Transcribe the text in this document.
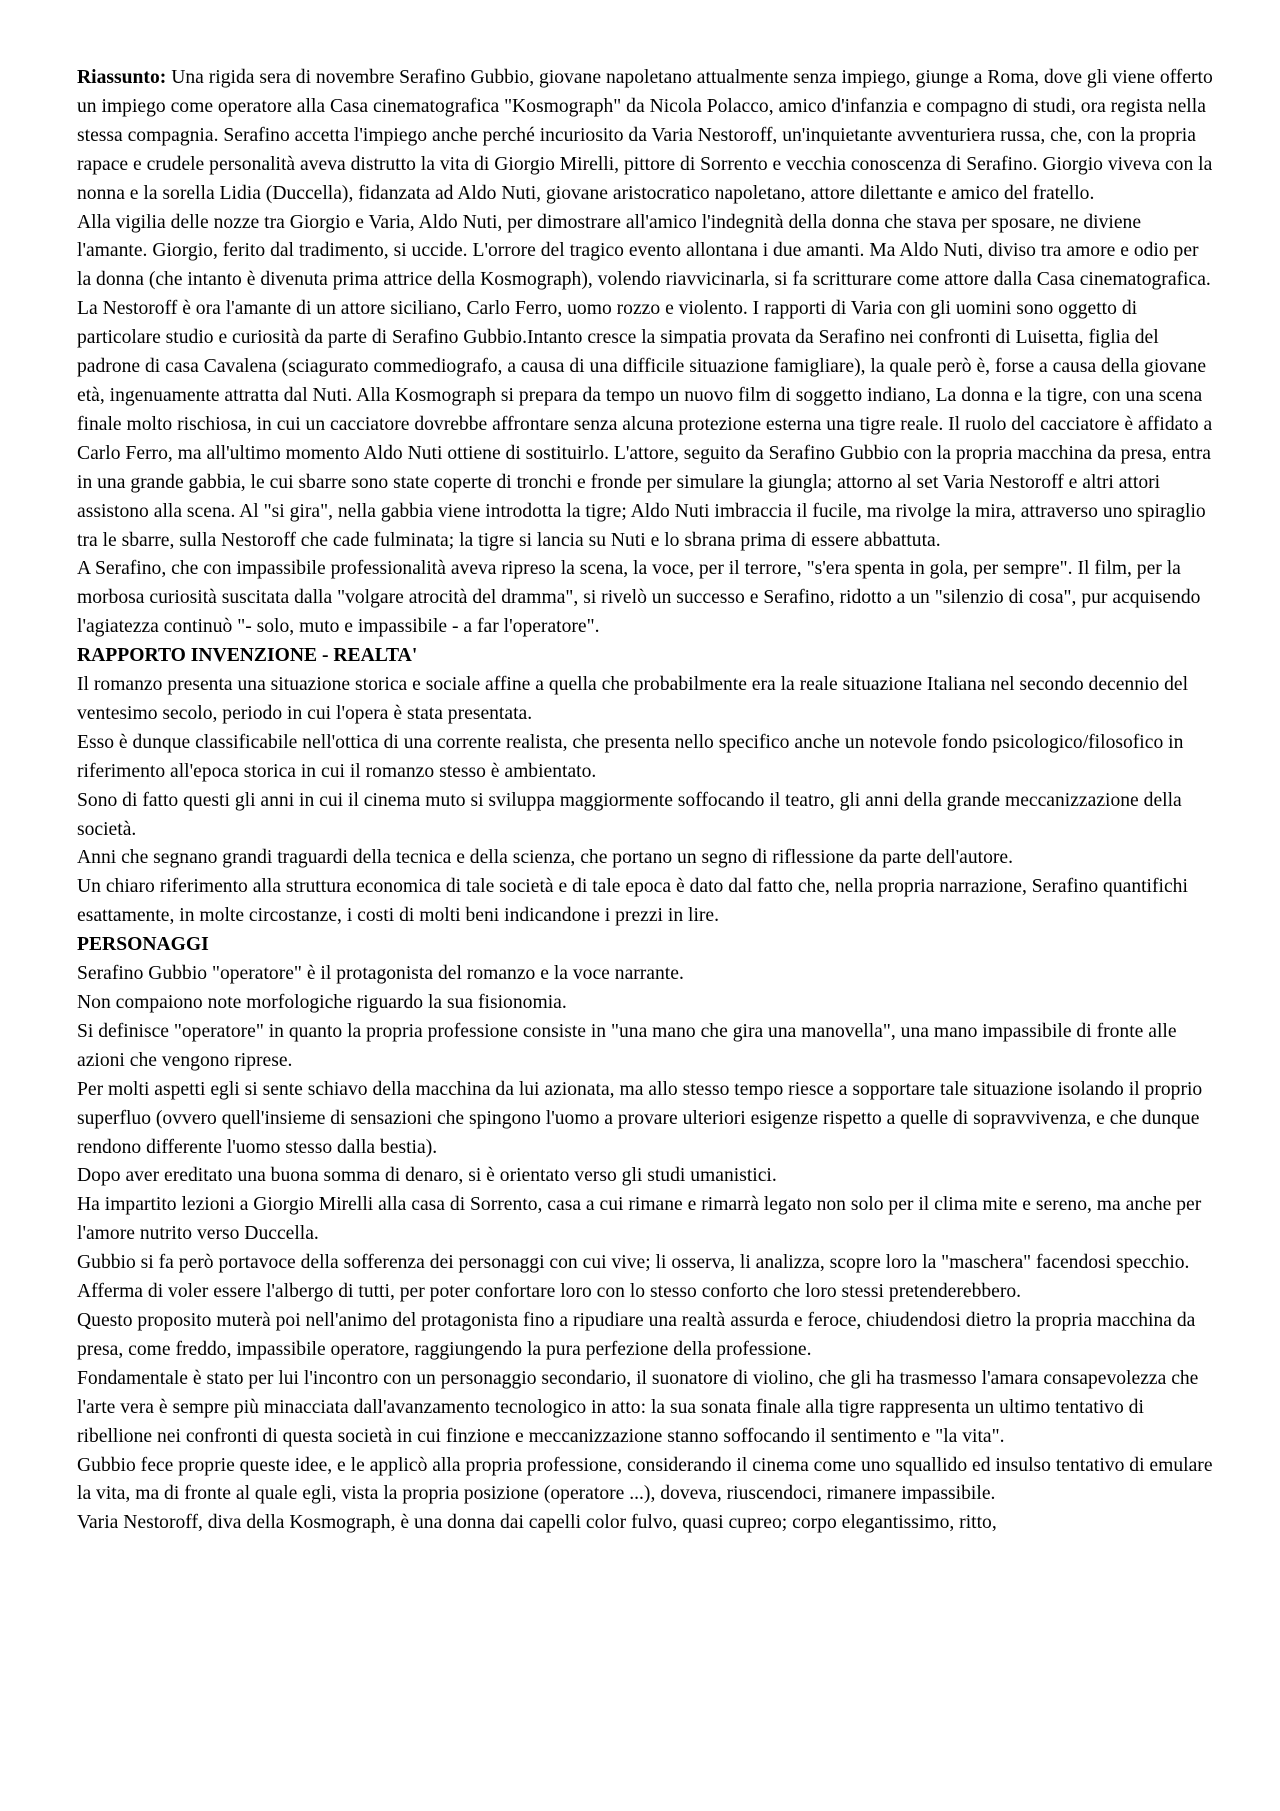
Riassunto: Una rigida sera di novembre Serafino Gubbio, giovane napoletano attualmente senza impiego, giunge a Roma, dove gli viene offerto un impiego come operatore alla Casa cinematografica "Kosmograph" da Nicola Polacco, amico d'infanzia e compagno di studi, ora regista nella stessa compagnia. Serafino accetta l'impiego anche perché incuriosito da Varia Nestoroff, un'inquietante avventuriera russa, che, con la propria rapace e crudele personalità aveva distrutto la vita di Giorgio Mirelli, pittore di Sorrento e vecchia conoscenza di Serafino. Giorgio viveva con la nonna e la sorella Lidia (Duccella), fidanzata ad Aldo Nuti, giovane aristocratico napoletano, attore dilettante e amico del fratello.

Alla vigilia delle nozze tra Giorgio e Varia, Aldo Nuti, per dimostrare all'amico l'indegnità della donna che stava per sposare, ne diviene l'amante. Giorgio, ferito dal tradimento, si uccide. L'orrore del tragico evento allontana i due amanti. Ma Aldo Nuti, diviso tra amore e odio per la donna (che intanto è divenuta prima attrice della Kosmograph), volendo riavvicinarla, si fa scritturare come attore dalla Casa cinematografica. La Nestoroff è ora l'amante di un attore siciliano, Carlo Ferro, uomo rozzo e violento. I rapporti di Varia con gli uomini sono oggetto di particolare studio e curiosità da parte di Serafino Gubbio.Intanto cresce la simpatia provata da Serafino nei confronti di Luisetta, figlia del padrone di casa Cavalena (sciagurato commediografo, a causa di una difficile situazione famigliare), la quale però è, forse a causa della giovane età, ingenuamente attratta dal Nuti. Alla Kosmograph si prepara da tempo un nuovo film di soggetto indiano, La donna e la tigre, con una scena finale molto rischiosa, in cui un cacciatore dovrebbe affrontare senza alcuna protezione esterna una tigre reale. Il ruolo del cacciatore è affidato a Carlo Ferro, ma all'ultimo momento Aldo Nuti ottiene di sostituirlo. L'attore, seguito da Serafino Gubbio con la propria macchina da presa, entra in una grande gabbia, le cui sbarre sono state coperte di tronchi e fronde per simulare la giungla; attorno al set Varia Nestoroff e altri attori assistono alla scena. Al "si gira", nella gabbia viene introdotta la tigre; Aldo Nuti imbraccia il fucile, ma rivolge la mira, attraverso uno spiraglio tra le sbarre, sulla Nestoroff che cade fulminata; la tigre si lancia su Nuti e lo sbrana prima di essere abbattuta.

A Serafino, che con impassibile professionalità aveva ripreso la scena, la voce, per il terrore, "s'era spenta in gola, per sempre". Il film, per la morbosa curiosità suscitata dalla "volgare atrocità del dramma", si rivelò un successo e Serafino, ridotto a un "silenzio di cosa", pur acquisendo l'agiatezza continuò "- solo, muto e impassibile - a far l'operatore".

RAPPORTO INVENZIONE - REALTA'

Il romanzo presenta una situazione storica e sociale affine a quella che probabilmente era la reale situazione Italiana nel secondo decennio del ventesimo secolo, periodo in cui l'opera è stata presentata.

Esso è dunque classificabile nell'ottica di una corrente realista, che presenta nello specifico anche un notevole fondo psicologico/filosofico in riferimento all'epoca storica in cui il romanzo stesso è ambientato.

Sono di fatto questi gli anni in cui il cinema muto si sviluppa maggiormente soffocando il teatro, gli anni della grande meccanizzazione della società.

Anni che segnano grandi traguardi della tecnica e della scienza, che portano un segno di riflessione da parte dell'autore.

Un chiaro riferimento alla struttura economica di tale società e di tale epoca è dato dal fatto che, nella propria narrazione, Serafino quantifichi esattamente, in molte circostanze, i costi di molti beni indicandone i prezzi in lire.

PERSONAGGI

Serafino Gubbio "operatore" è il protagonista del romanzo e la voce narrante.

Non compaiono note morfologiche riguardo la sua fisionomia.

Si definisce "operatore" in quanto la propria professione consiste in "una mano che gira una manovella", una mano impassibile di fronte alle azioni che vengono riprese.

Per molti aspetti egli si sente schiavo della macchina da lui azionata, ma allo stesso tempo riesce a sopportare tale situazione isolando il proprio superfluo (ovvero quell'insieme di sensazioni che spingono l'uomo a provare ulteriori esigenze rispetto a quelle di sopravvivenza, e che dunque rendono differente l'uomo stesso dalla bestia).

Dopo aver ereditato una buona somma di denaro, si è orientato verso gli studi umanistici.

Ha impartito lezioni a Giorgio Mirelli alla casa di Sorrento, casa a cui rimane e rimarrà legato non solo per il clima mite e sereno, ma anche per l'amore nutrito verso Duccella.

Gubbio si fa però portavoce della sofferenza dei personaggi con cui vive; li osserva, li analizza, scopre loro la "maschera" facendosi specchio.

Afferma di voler essere l'albergo di tutti, per poter confortare loro con lo stesso conforto che loro stessi pretenderebbero.

Questo proposito muterà poi nell'animo del protagonista fino a ripudiare una realtà assurda e feroce, chiudendosi dietro la propria macchina da presa, come freddo, impassibile operatore, raggiungendo la pura perfezione della professione.

Fondamentale è stato per lui l'incontro con un personaggio secondario, il suonatore di violino, che gli ha trasmesso l'amara consapevolezza che l'arte vera è sempre più minacciata dall'avanzamento tecnologico in atto: la sua sonata finale alla tigre rappresenta un ultimo tentativo di ribellione nei confronti di questa società in cui finzione e meccanizzazione stanno soffocando il sentimento e "la vita".

Gubbio fece proprie queste idee, e le applicò alla propria professione, considerando il cinema come uno squallido ed insulso tentativo di emulare la vita, ma di fronte al quale egli, vista la propria posizione (operatore ...), doveva, riuscendoci, rimanere impassibile.

Varia Nestoroff, diva della Kosmograph, è una donna dai capelli color fulvo, quasi cupreo; corpo elegantissimo, ritto,
